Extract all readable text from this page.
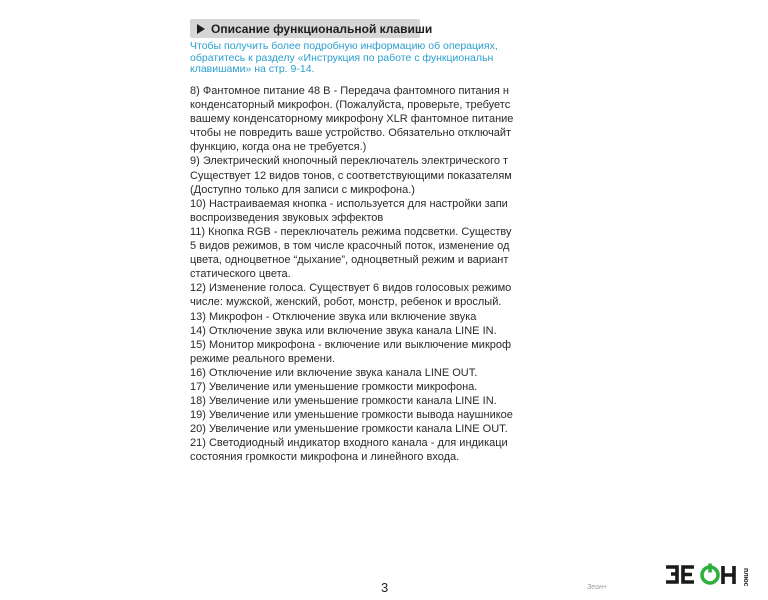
Описание функциональной клавиши
Чтобы получить более подробную информацию об операциях,
обратитесь к разделу «Инструкция по работе с функциональн
клавишами» на стр. 9-14.
8) Фантомное питание 48 В - Передача фантомного питания н
конденсаторный микрофон. (Пожалуйста, проверьте, требуетс
вашему конденсаторному микрофону XLR фантомное питание
чтобы не повредить ваше устройство. Обязательно отключайт
функцию, когда она не требуется.)
9) Электрический кнопочный переключатель электрического т
Существует 12 видов тонов, с соответствующими показателям
(Доступно только для записи с микрофона.)
10) Настраиваемая кнопка - используется для настройки запи
воспроизведения звуковых эффектов
11) Кнопка RGB - переключатель режима подсветки. Существу
5 видов режимов, в том числе красочный поток, изменение од
цвета, одноцветное “дыхание”, одноцветный режим и вариант
статического цвета.
12) Изменение голоса. Существует 6 видов голосовых режимо
числе: мужской, женский, робот, монстр, ребенок и врослый.
13) Микрофон - Отключение звука или включение звука
14) Отключение звука или включение звука канала LINE IN.
15) Монитор микрофона - включение или выключение микроф
режиме реального времени.
16) Отключение или включение звука канала LINE OUT.
17) Увеличение или уменьшение громкости микрофона.
18) Увеличение или уменьшение громкости канала LINE IN.
19) Увеличение или уменьшение громкости вывода наушникое
20) Увеличение или уменьшение громкости канала LINE OUT.
21) Светодиодный индикатор входного канала - для индикаци
состояния громкости микрофона и линейного входа.
3	Зеон+
плюс
